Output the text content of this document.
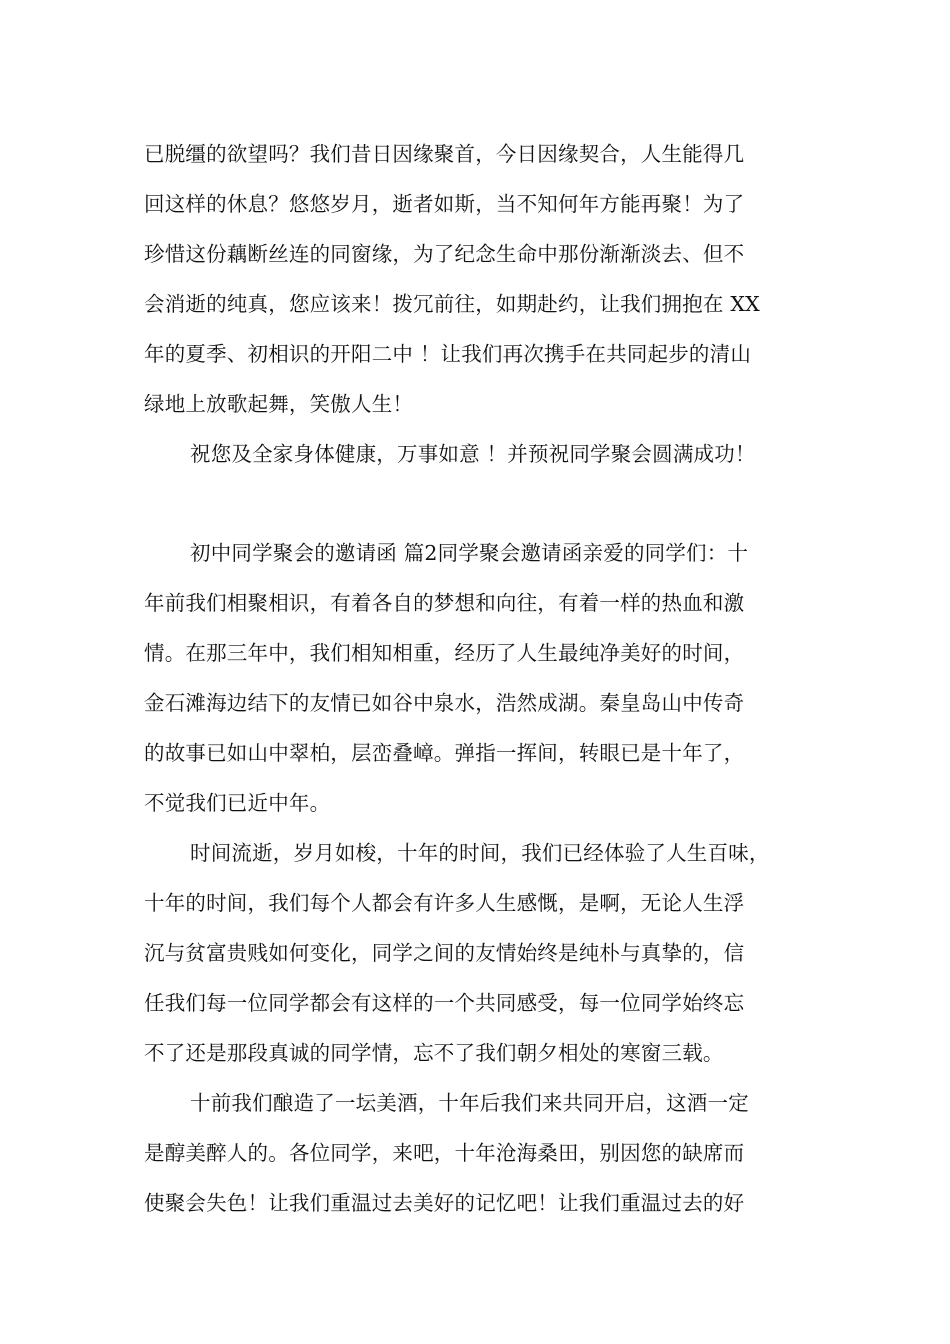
已脱缰的欲望吗？我们昔日因缘聚首，今日因缘契合，人生能得几
回这样的休息？悠悠岁月，逝者如斯，当不知何年方能再聚！为了
珍惜这份藕断丝连的同窗缘，为了纪念生命中那份渐渐淡去、但不
会消逝的纯真，您应该来！拨冗前往，如期赴约，让我们拥抱在 XX
年的夏季、初相识的开阳二中 ！让我们再次携手在共同起步的清山
绿地上放歌起舞，笑傲人生！
祝您及全家身体健康，万事如意 ！并预祝同学聚会圆满成功！
初中同学聚会的邀请函 篇2同学聚会邀请函亲爱的同学们：十
年前我们相聚相识，有着各自的梦想和向往，有着一样的热血和激
情。在那三年中，我们相知相重，经历了人生最纯净美好的时间，
金石滩海边结下的友情已如谷中泉水，浩然成湖。秦皇岛山中传奇
的故事已如山中翠柏，层峦叠嶂。弹指一挥间，转眼已是十年了，
不觉我们已近中年。
时间流逝，岁月如梭，十年的时间，我们已经体验了人生百味，
十年的时间，我们每个人都会有许多人生感慨，是啊，无论人生浮
沉与贫富贵贱如何变化，同学之间的友情始终是纯朴与真挚的，信
任我们每一位同学都会有这样的一个共同感受，每一位同学始终忘
不了还是那段真诚的同学情，忘不了我们朝夕相处的寒窗三载。
十前我们酿造了一坛美酒，十年后我们来共同开启，这酒一定
是醇美醉人的。各位同学，来吧，十年沧海桑田，别因您的缺席而
使聚会失色！让我们重温过去美好的记忆吧！让我们重温过去的好
